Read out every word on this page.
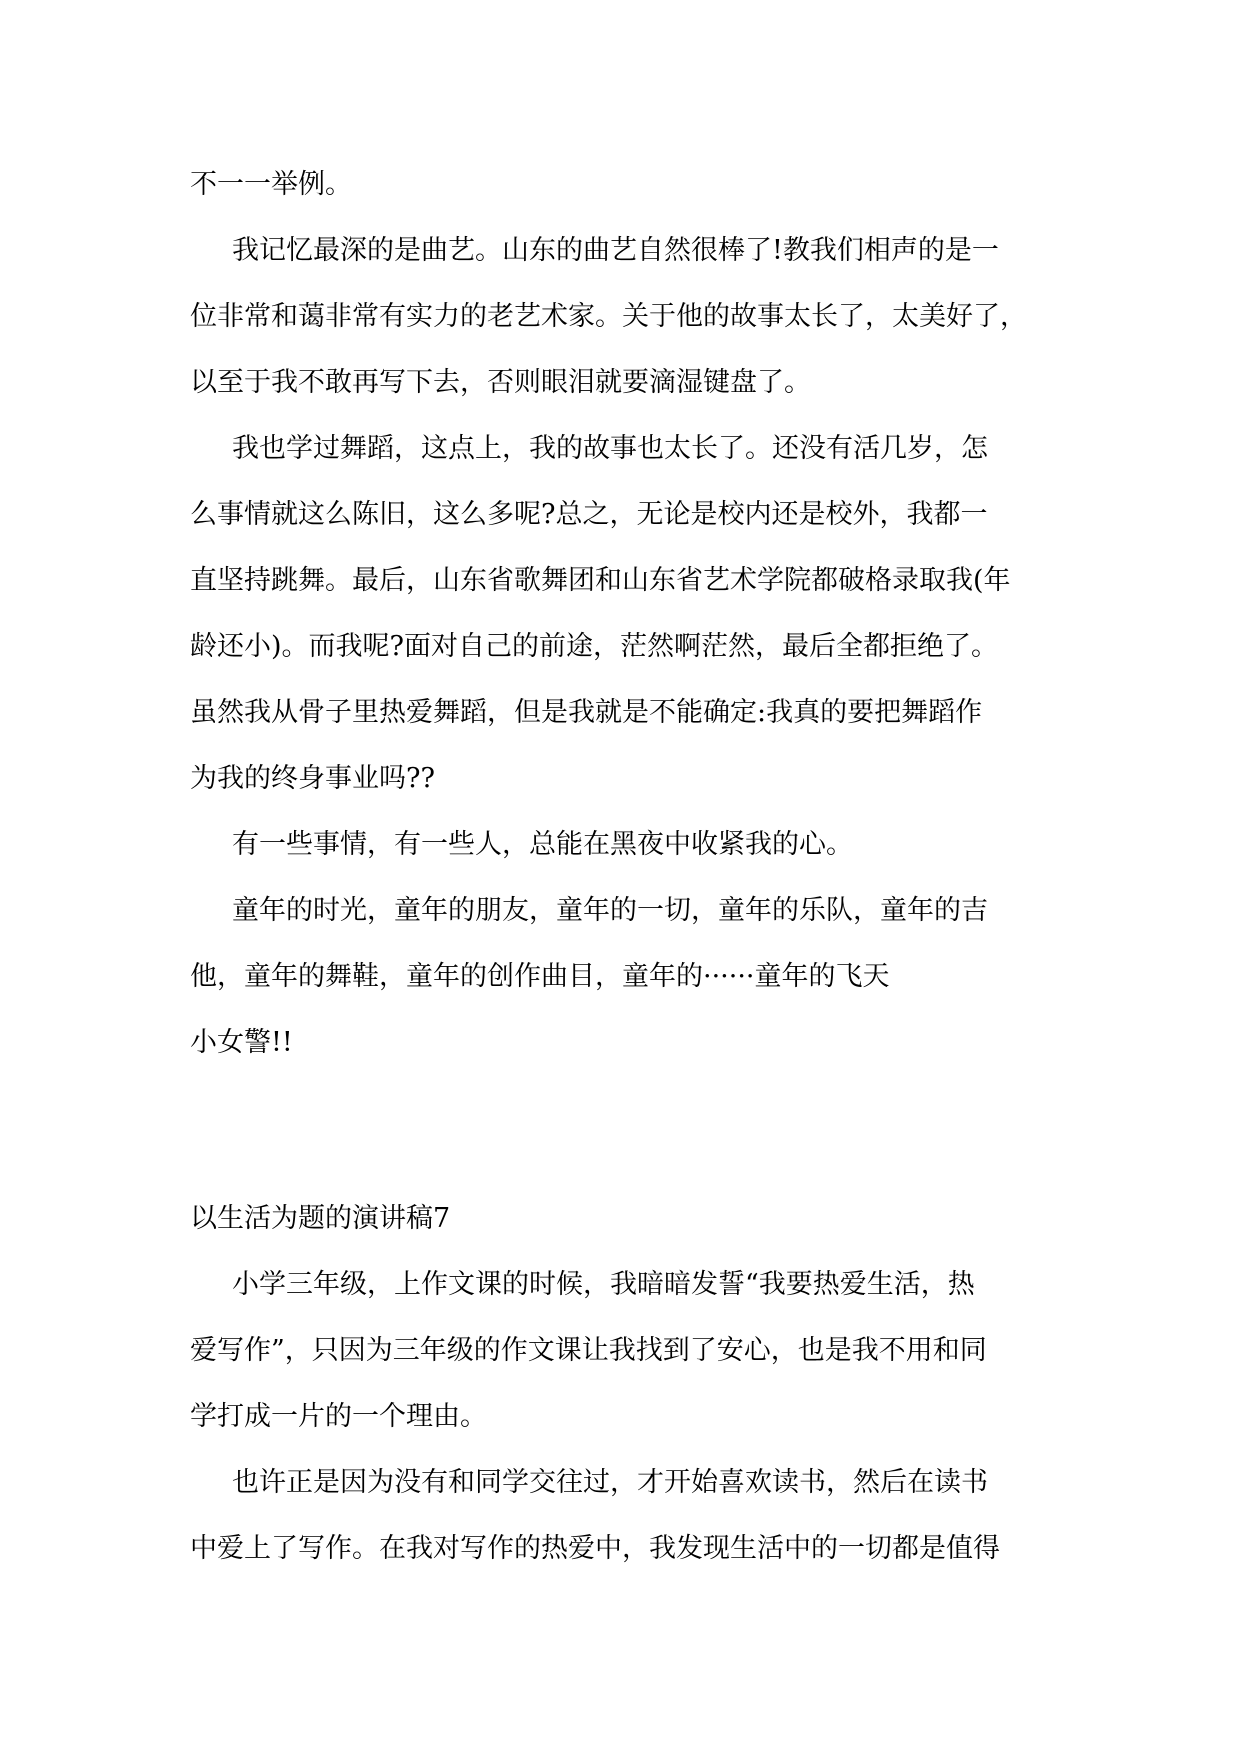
不一一举例。
我记忆最深的是曲艺。山东的曲艺自然很棒了!教我们相声的是一
位非常和蔼非常有实力的老艺术家。关于他的故事太长了，太美好了，
以至于我不敢再写下去，否则眼泪就要滴湿键盘了。
我也学过舞蹈，这点上，我的故事也太长了。还没有活几岁，怎
么事情就这么陈旧，这么多呢?总之，无论是校内还是校外，我都一
直坚持跳舞。最后，山东省歌舞团和山东省艺术学院都破格录取我(年
龄还小)。而我呢?面对自己的前途，茫然啊茫然，最后全都拒绝了。
虽然我从骨子里热爱舞蹈，但是我就是不能确定:我真的要把舞蹈作
为我的终身事业吗??
有一些事情，有一些人，总能在黑夜中收紧我的心。
童年的时光，童年的朋友，童年的一切，童年的乐队，童年的吉
他，童年的舞鞋，童年的创作曲目，童年的······童年的飞天
小女警!!
以生活为题的演讲稿7
小学三年级，上作文课的时候，我暗暗发誓“我要热爱生活，热
爱写作”，只因为三年级的作文课让我找到了安心，也是我不用和同
学打成一片的一个理由。
也许正是因为没有和同学交往过，才开始喜欢读书，然后在读书
中爱上了写作。在我对写作的热爱中，我发现生活中的一切都是值得
